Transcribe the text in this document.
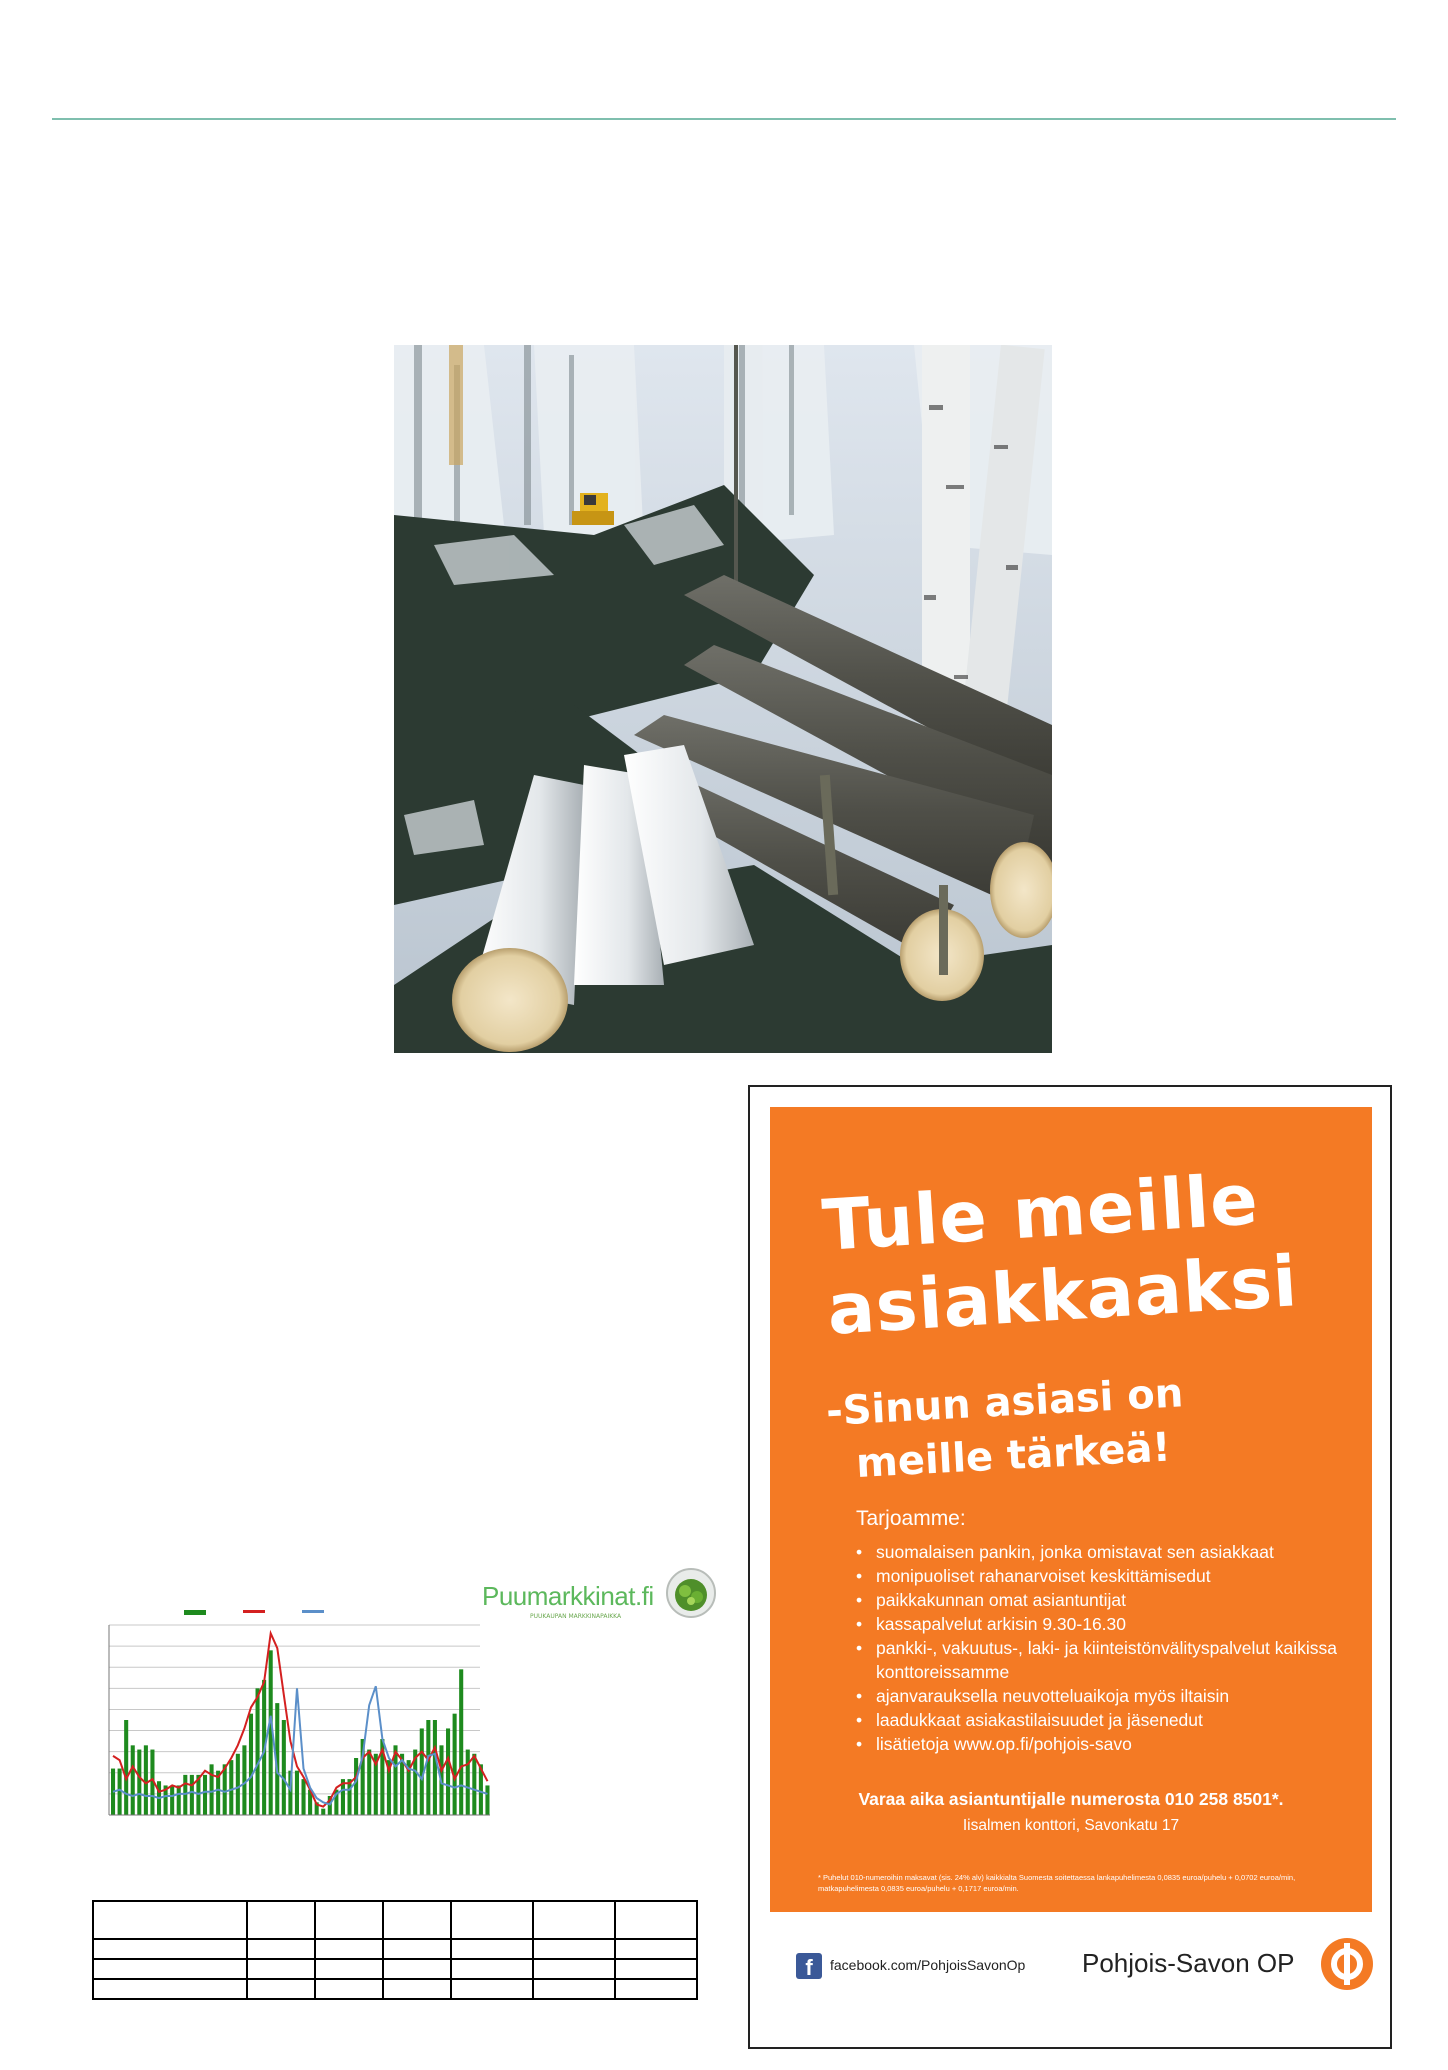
Puumarkkinat.fi
PUUKAUPAN MARKKINAPAIKKA

Tule meille
asiakkaaksi
-Sinun asiasi on
meille tärkeä!
Tarjoamme:
• suomalaisen pankin, jonka omistavat sen asiakkaat
• monipuoliset rahanarvoiset keskittämisedut
• paikkakunnan omat asiantuntijat
• kassapalvelut arkisin 9.30-16.30
• pankki-, vakuutus-, laki- ja kiinteistönvälityspalvelut kaikissa konttoreissamme
• ajanvarauksella neuvotteluaikoja myös iltaisin
• laadukkaat asiakastilaisuudet ja jäsenedut
• lisätietoja www.op.fi/pohjois-savo
Varaa aika asiantuntijalle numerosta 010 258 8501*.
Iisalmen konttori, Savonkatu 17
* Puhelut 010-numeroihin maksavat (sis. 24% alv) kaikkialta Suomesta soitettaessa lankapuhelimesta 0,0835 euroa/puhelu + 0,0702 euroa/min, matkapuhelimesta 0,0835 euroa/puhelu + 0,1717 euroa/min.
f	facebook.com/PohjoisSavonOp Pohjois-Savon OP
